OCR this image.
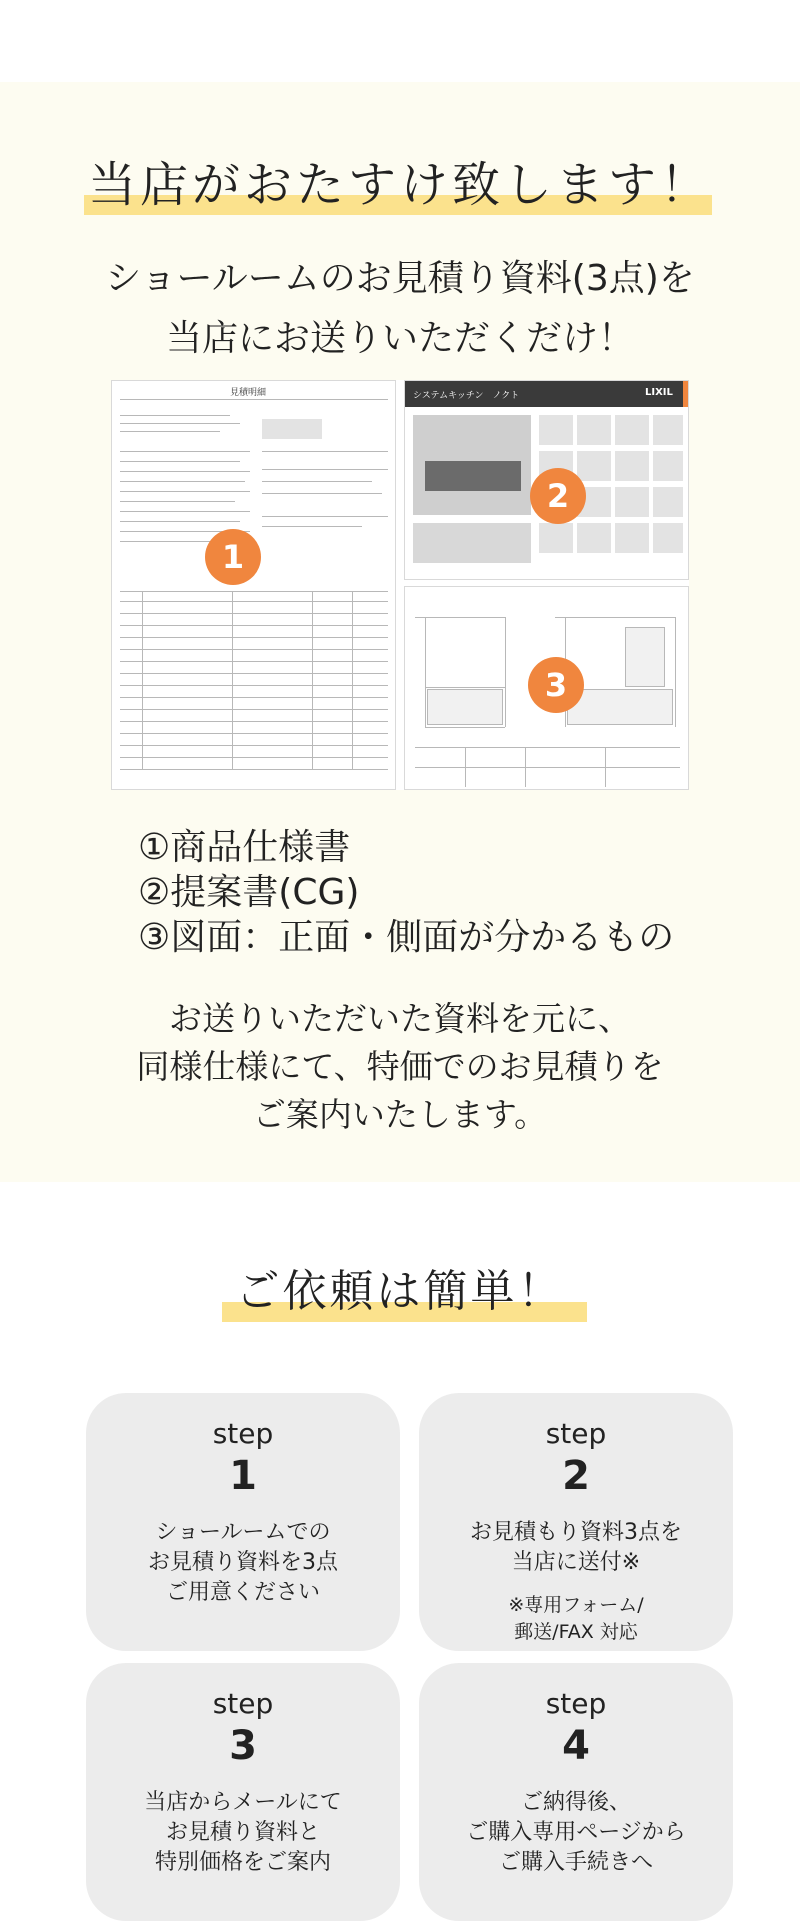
当店がおたすけ致します！
ショールームのお見積り資料(3点)を
当店にお送りいただくだけ！
見積明細
1
システムキッチン　ノクト	LIXIL
2
3
①商品仕様書
②提案書(CG)
③図面：正面・側面が分かるもの
お送りいただいた資料を元に、
同様仕様にて、特価でのお見積りを
ご案内いたします。
ご依頼は簡単！
step
1
ショールームでの
お見積り資料を3点
ご用意ください
step
2
お見積もり資料3点を
当店に送付※
※専用フォーム/
郵送/FAX 対応
step
3
当店からメールにて
お見積り資料と
特別価格をご案内
step
4
ご納得後、
ご購入専用ページから
ご購入手続きへ
